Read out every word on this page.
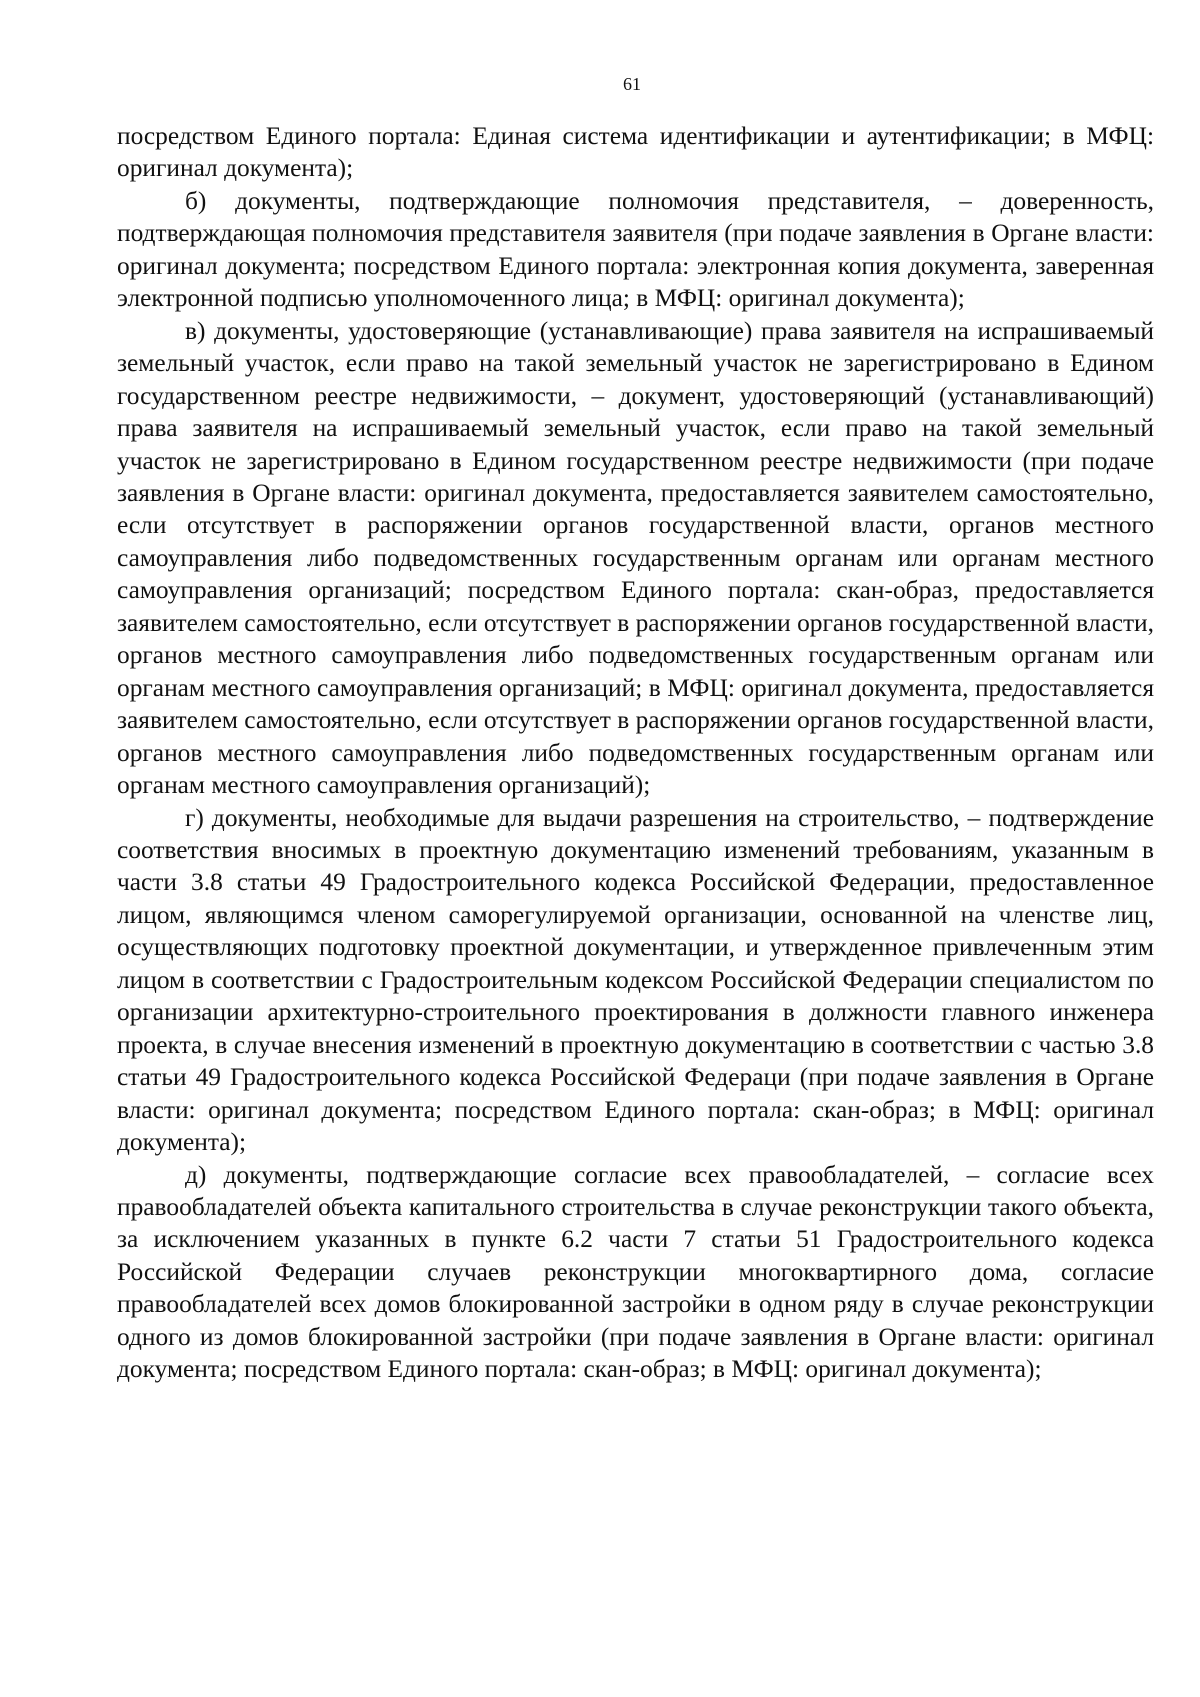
61

посредством Единого портала: Единая система идентификации и аутентификации; в МФЦ: оригинал документа);

б) документы, подтверждающие полномочия представителя, – доверенность, подтверждающая полномочия представителя заявителя (при подаче заявления в Органе власти: оригинал документа; посредством Единого портала: электронная копия документа, заверенная электронной подписью уполномоченного лица; в МФЦ: оригинал документа);

в) документы, удостоверяющие (устанавливающие) права заявителя на испрашиваемый земельный участок, если право на такой земельный участок не зарегистрировано в Едином государственном реестре недвижимости, – документ, удостоверяющий (устанавливающий) права заявителя на испрашиваемый земельный участок, если право на такой земельный участок не зарегистрировано в Едином государственном реестре недвижимости (при подаче заявления в Органе власти: оригинал документа, предоставляется заявителем самостоятельно, если отсутствует в распоряжении органов государственной власти, органов местного самоуправления либо подведомственных государственным органам или органам местного самоуправления организаций; посредством Единого портала: скан-образ, предоставляется заявителем самостоятельно, если отсутствует в распоряжении органов государственной власти, органов местного самоуправления либо подведомственных государственным органам или органам местного самоуправления организаций; в МФЦ: оригинал документа, предоставляется заявителем самостоятельно, если отсутствует в распоряжении органов государственной власти, органов местного самоуправления либо подведомственных государственным органам или органам местного самоуправления организаций);

г) документы, необходимые для выдачи разрешения на строительство, – подтверждение соответствия вносимых в проектную документацию изменений требованиям, указанным в части 3.8 статьи 49 Градостроительного кодекса Российской Федерации, предоставленное лицом, являющимся членом саморегулируемой организации, основанной на членстве лиц, осуществляющих подготовку проектной документации, и утвержденное привлеченным этим лицом в соответствии с Градостроительным кодексом Российской Федерации специалистом по организации архитектурно-строительного проектирования в должности главного инженера проекта, в случае внесения изменений в проектную документацию в соответствии с частью 3.8 статьи 49 Градостроительного кодекса Российской Федераци (при подаче заявления в Органе власти: оригинал документа; посредством Единого портала: скан-образ; в МФЦ: оригинал документа);

д) документы, подтверждающие согласие всех правообладателей, – согласие всех правообладателей объекта капитального строительства в случае реконструкции такого объекта, за исключением указанных в пункте 6.2 части 7 статьи 51 Градостроительного кодекса Российской Федерации случаев реконструкции многоквартирного дома, согласие правообладателей всех домов блокированной застройки в одном ряду в случае реконструкции одного из домов блокированной застройки (при подаче заявления в Органе власти: оригинал документа; посредством Единого портала: скан-образ; в МФЦ: оригинал документа);
